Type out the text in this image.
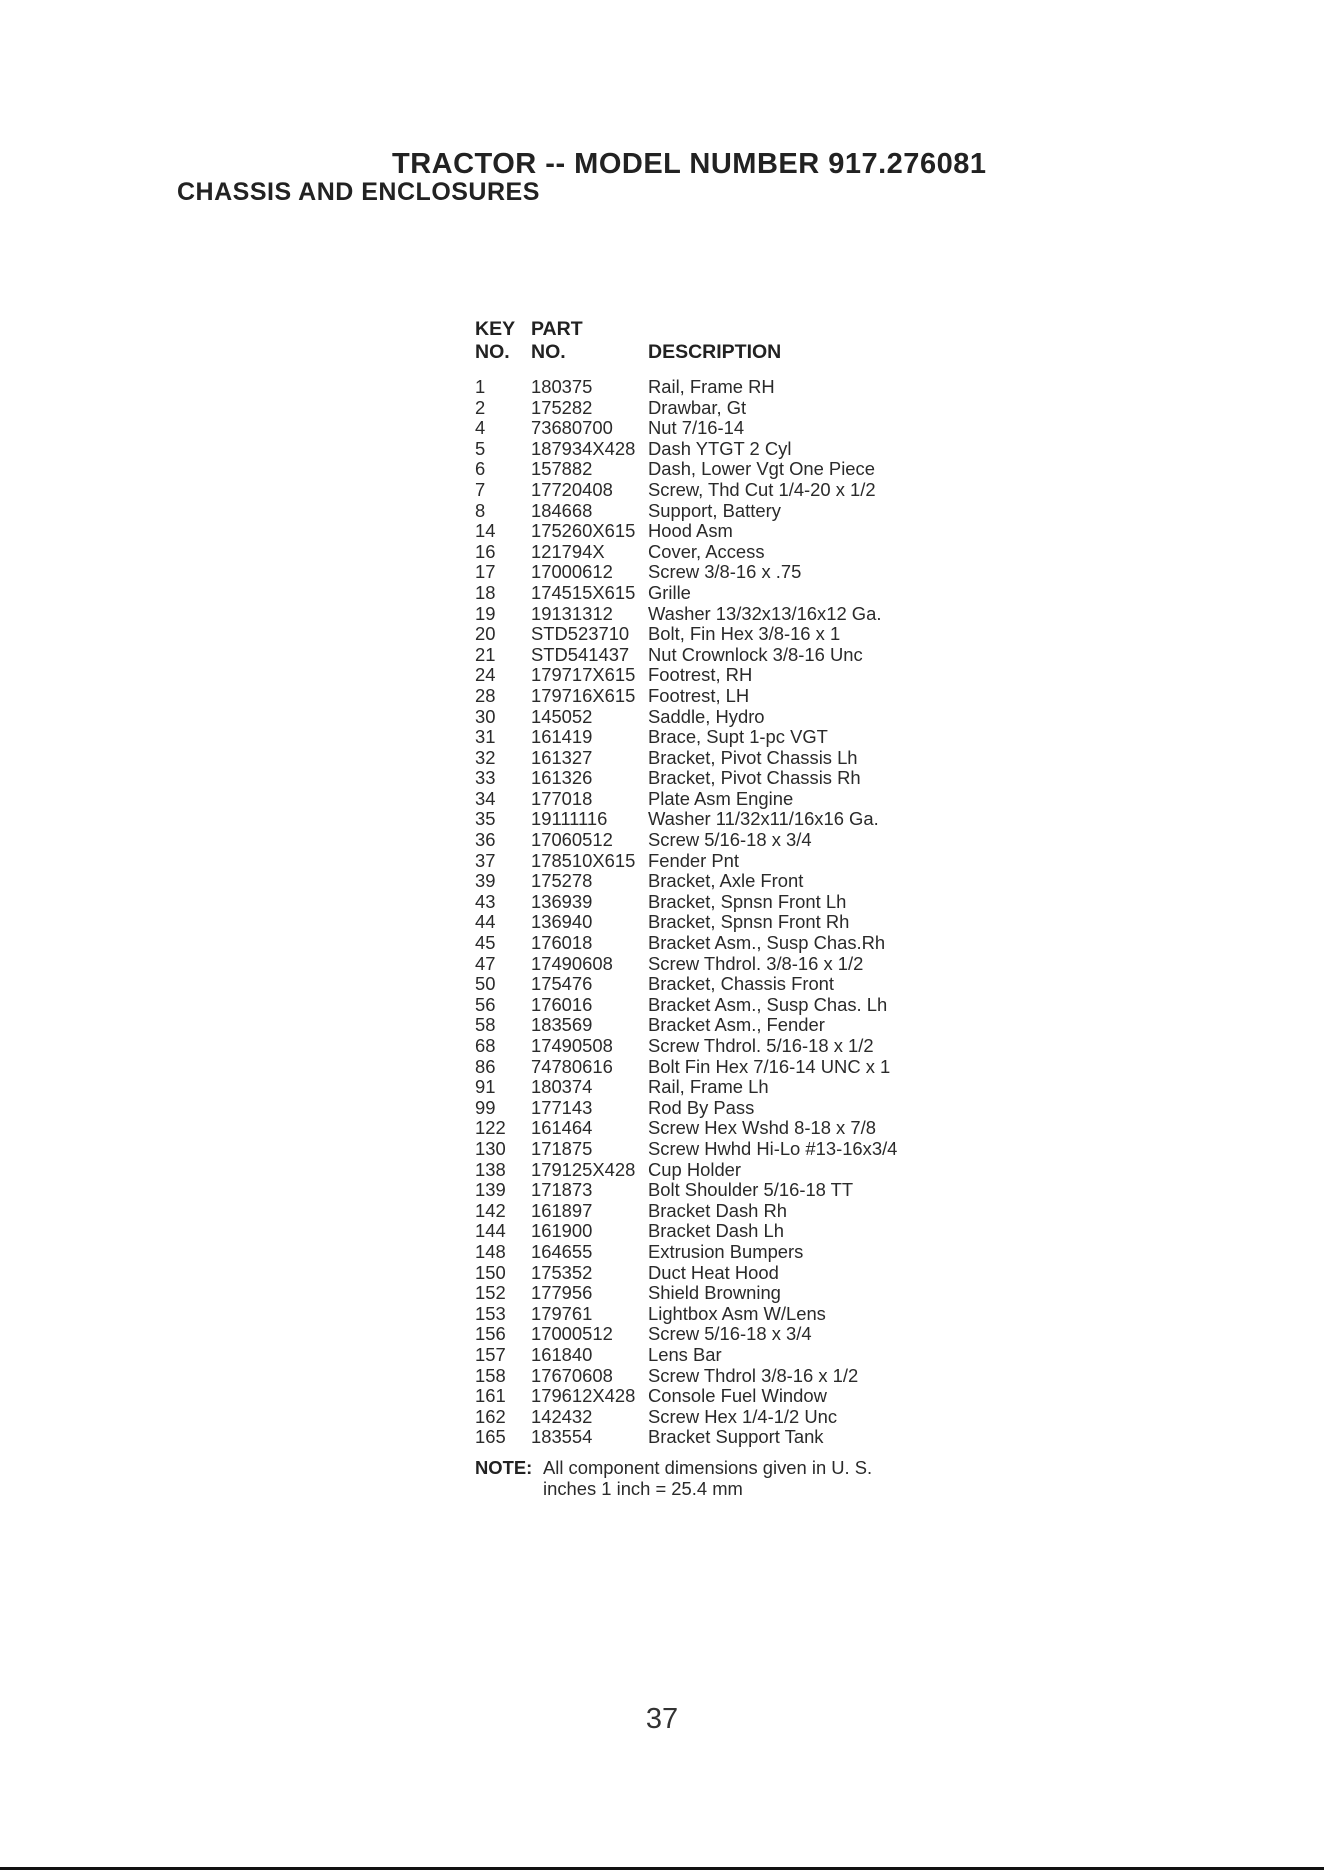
TRACTOR -- MODEL NUMBER 917.276081
CHASSIS AND ENCLOSURES
KEY PART
NO.	NO.	DESCRIPTION
1	180375	Rail, Frame RH
2	175282	Drawbar, Gt
4	73680700	Nut 7/16-14
5	187934X428 Dash YTGT 2 Cyl
6	157882	Dash, Lower Vgt One Piece
7	17720408	Screw, Thd Cut 1/4-20 x 1/2
8	184668	Support, Battery
14	175260X615 Hood Asm
16	121794X	Cover, Access
17	17000612	Screw 3/8-16 x .75
18	174515X615 Grille
19	19131312	Washer 13/32x13/16x12 Ga.
20	STD523710	Bolt, Fin Hex 3/8-16 x 1
21	STD541437	Nut Crownlock 3/8-16 Unc
24	179717X615 Footrest, RH
28	179716X615 Footrest, LH
30	145052	Saddle, Hydro
31	161419	Brace, Supt 1-pc VGT
32	161327	Bracket, Pivot Chassis Lh
33	161326	Bracket, Pivot Chassis Rh
34	177018	Plate Asm Engine
35	19111116	Washer 11/32x11/16x16 Ga.
36	17060512	Screw 5/16-18 x 3/4
37	178510X615 Fender Pnt
39	175278	Bracket, Axle Front
43	136939	Bracket, Spnsn Front Lh
44	136940	Bracket, Spnsn Front Rh
45	176018	Bracket Asm., Susp Chas.Rh
47	17490608	Screw Thdrol. 3/8-16 x 1/2
50	175476	Bracket, Chassis Front
56	176016	Bracket Asm., Susp Chas. Lh
58	183569	Bracket Asm., Fender
68	17490508	Screw Thdrol. 5/16-18 x 1/2
86	74780616	Bolt Fin Hex 7/16-14 UNC x 1
91	180374	Rail, Frame Lh
99	177143	Rod By Pass
122	161464	Screw Hex Wshd 8-18 x 7/8
130	171875	Screw Hwhd Hi-Lo #13-16x3/4
138	179125X428 Cup Holder
139	171873	Bolt Shoulder 5/16-18 TT
142	161897	Bracket Dash Rh
144	161900	Bracket Dash Lh
148	164655	Extrusion Bumpers
150	175352	Duct Heat Hood
152	177956	Shield Browning
153	179761	Lightbox Asm W/Lens
156	17000512	Screw 5/16-18 x 3/4
157	161840	Lens Bar
158	17670608	Screw Thdrol 3/8-16 x 1/2
161	179612X428 Console Fuel Window
162	142432	Screw Hex 1/4-1/2 Unc
165	183554	Bracket Support Tank
NOTE: All component dimensions given in U. S. inches 1 inch = 25.4 mm
37
